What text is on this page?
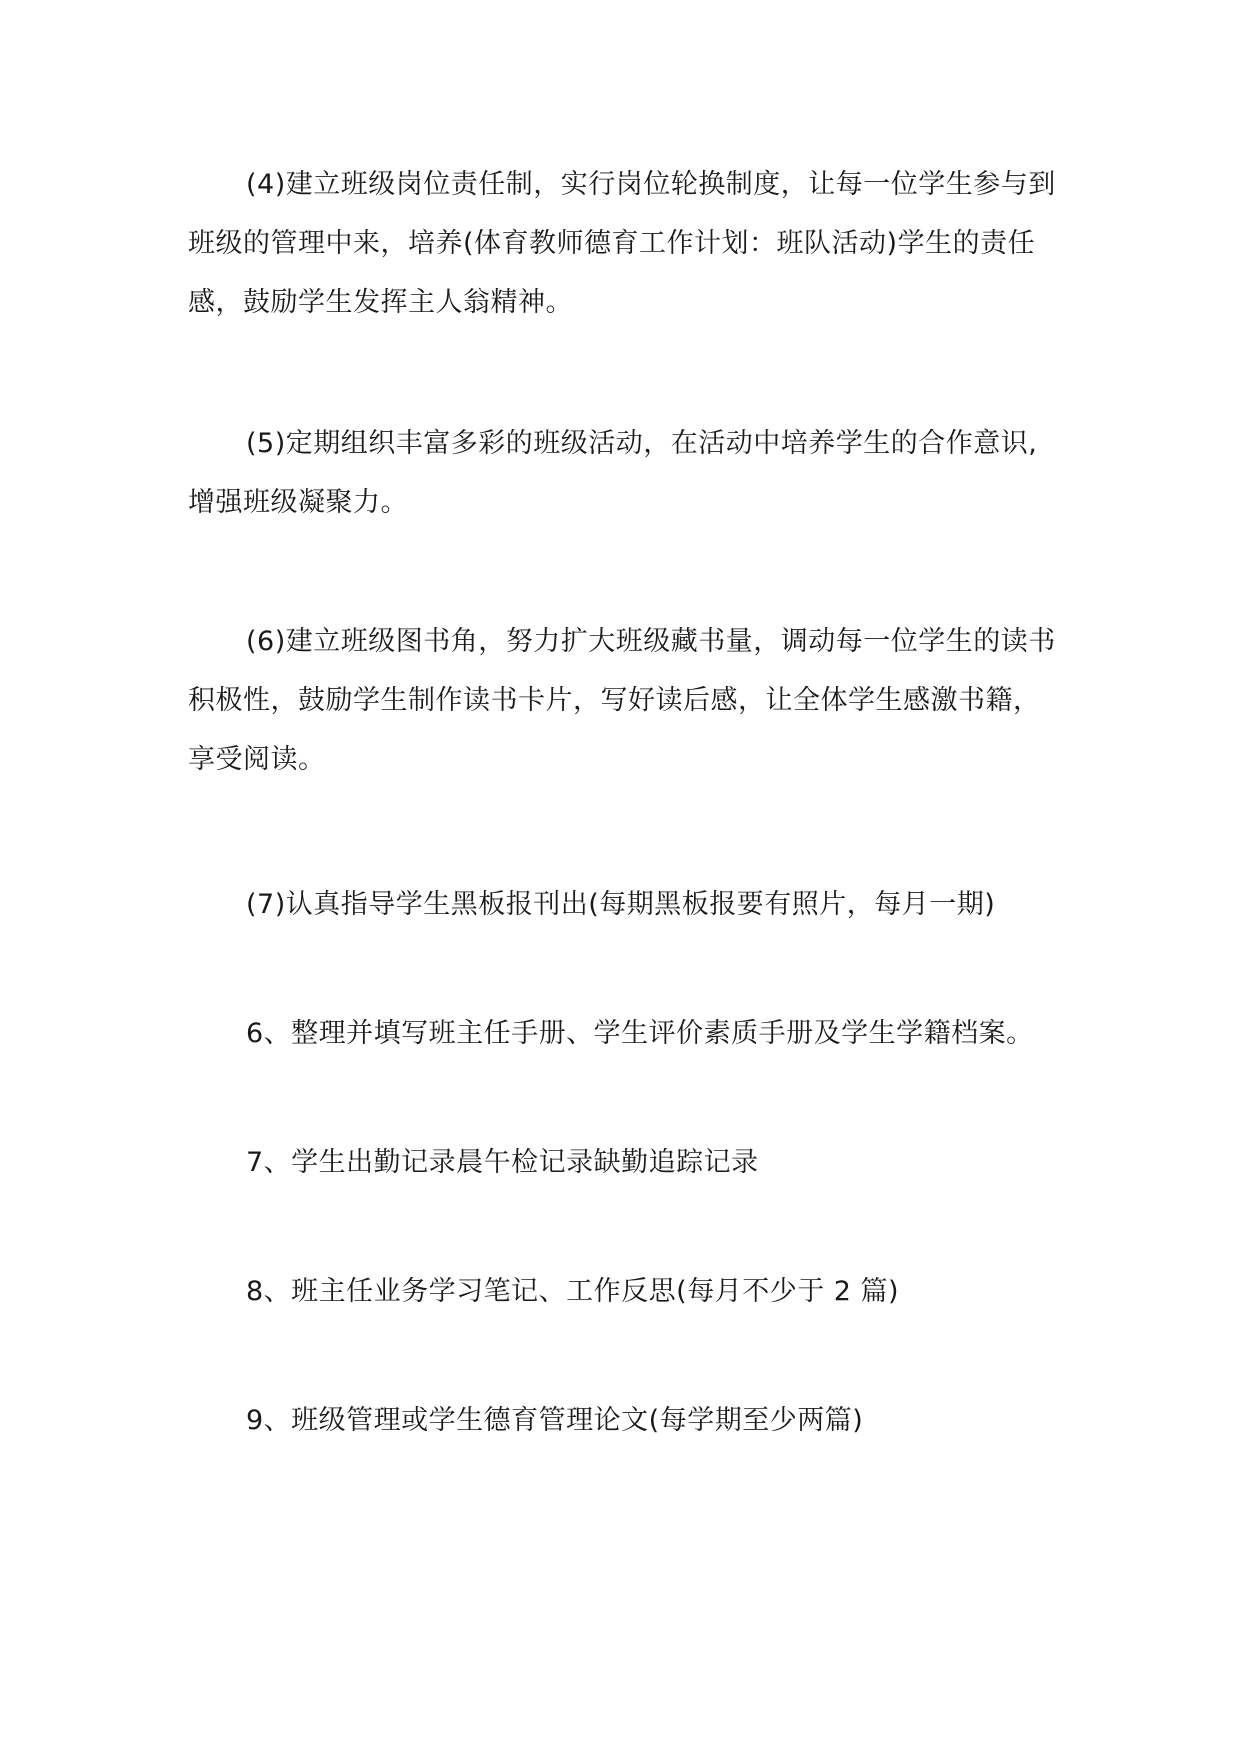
(4)建立班级岗位责任制，实行岗位轮换制度，让每一位学生参与到班级的管理中来，培养(体育教师德育工作计划：班队活动)学生的责任感，鼓励学生发挥主人翁精神。

(5)定期组织丰富多彩的班级活动，在活动中培养学生的合作意识,增强班级凝聚力。

(6)建立班级图书角，努力扩大班级藏书量，调动每一位学生的读书积极性，鼓励学生制作读书卡片，写好读后感，让全体学生感激书籍，享受阅读。

(7)认真指导学生黑板报刊出(每期黑板报要有照片，每月一期)

6、整理并填写班主任手册、学生评价素质手册及学生学籍档案。

7、学生出勤记录晨午检记录缺勤追踪记录

8、班主任业务学习笔记、工作反思(每月不少于 2 篇)

9、班级管理或学生德育管理论文(每学期至少两篇)
